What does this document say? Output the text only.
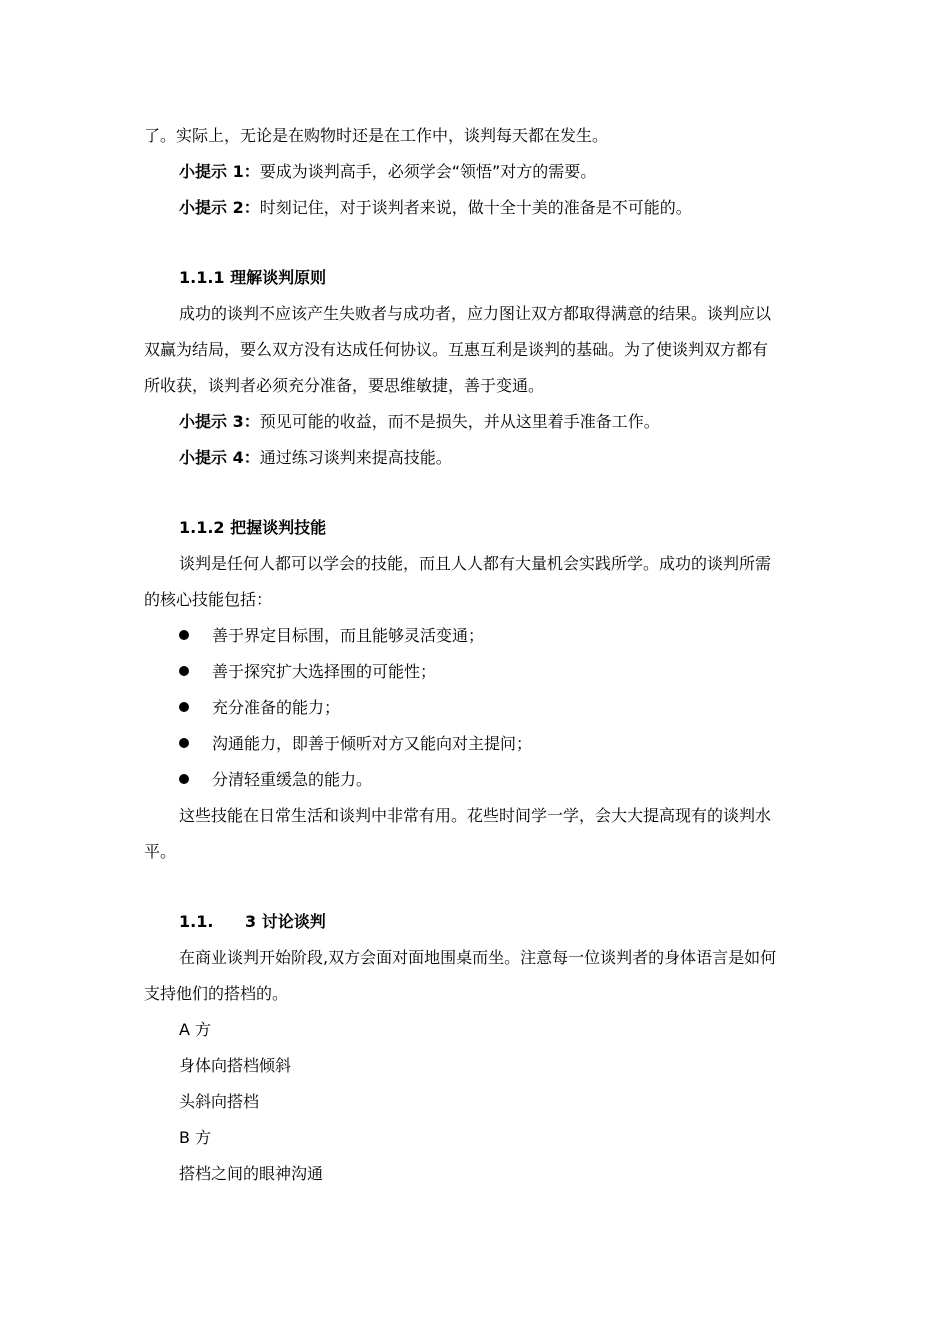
了。实际上，无论是在购物时还是在工作中，谈判每天都在发生。

小提示 1：要成为谈判高手，必须学会“领悟”对方的需要。

小提示 2：时刻记住，对于谈判者来说，做十全十美的准备是不可能的。

1.1.1 理解谈判原则

成功的谈判不应该产生失败者与成功者，应力图让双方都取得满意的结果。谈判应以

双赢为结局，要么双方没有达成任何协议。互惠互利是谈判的基础。为了使谈判双方都有

所收获，谈判者必须充分准备，要思维敏捷，善于变通。

小提示 3：预见可能的收益，而不是损失，并从这里着手准备工作。

小提示 4：通过练习谈判来提高技能。

1.1.2 把握谈判技能

谈判是任何人都可以学会的技能，而且人人都有大量机会实践所学。成功的谈判所需

的核心技能包括：

善于界定目标围，而且能够灵活变通；

善于探究扩大选择围的可能性；

充分准备的能力；

沟通能力，即善于倾听对方又能向对主提问；

分清轻重缓急的能力。

这些技能在日常生活和谈判中非常有用。花些时间学一学，会大大提高现有的谈判水

平。

1.1. 3 讨论谈判

在商业谈判开始阶段,双方会面对面地围桌而坐。注意每一位谈判者的身体语言是如何

支持他们的搭档的。

A 方

身体向搭档倾斜

头斜向搭档

B 方

搭档之间的眼神沟通
